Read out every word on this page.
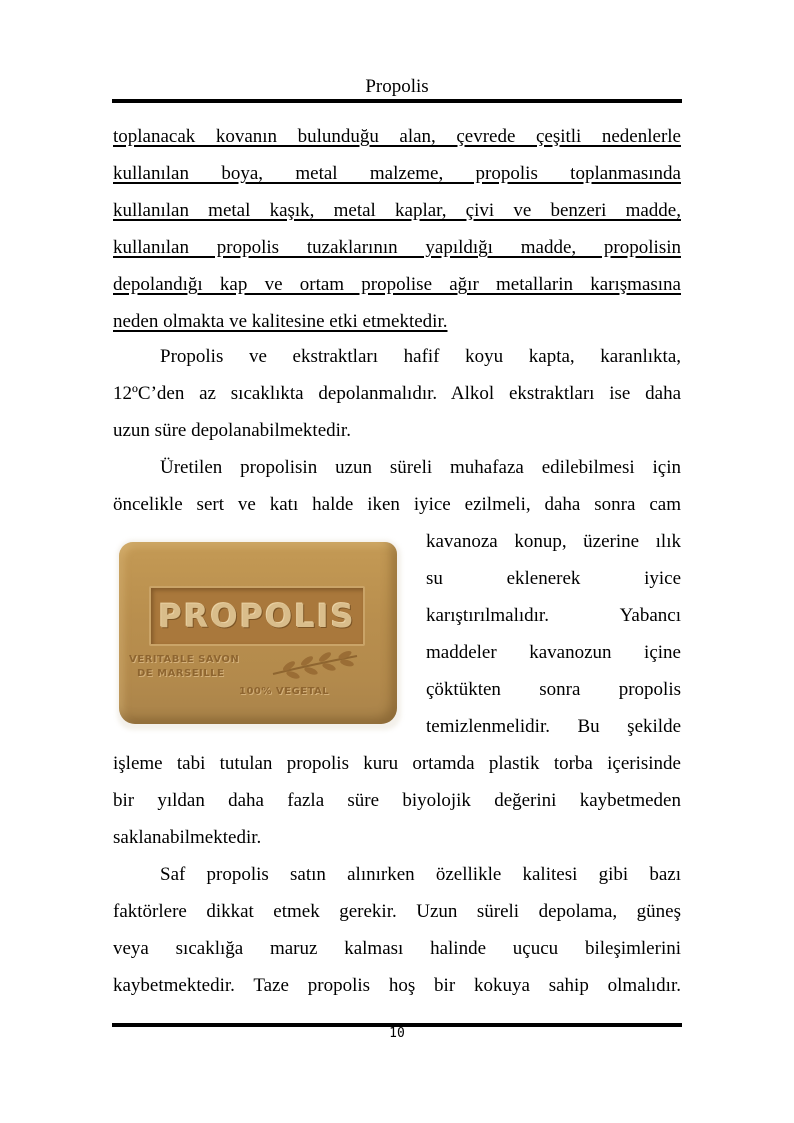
Propolis
toplanacak kovanın bulunduğu alan, çevrede çeşitli nedenlerle
kullanılan boya, metal malzeme, propolis toplanmasında
kullanılan metal kaşık, metal kaplar, çivi ve benzeri madde,
kullanılan propolis tuzaklarının yapıldığı madde, propolisin
depolandığı kap ve ortam propolise ağır metallarin karışmasına
neden olmakta ve kalitesine etki etmektedir.
Propolis ve ekstraktları hafif koyu kapta, karanlıkta,
12ºC’den az sıcaklıkta depolanmalıdır. Alkol ekstraktları ise daha
uzun süre depolanabilmektedir.
Üretilen propolisin uzun süreli muhafaza edilebilmesi için
öncelikle sert ve katı halde iken iyice ezilmeli, daha sonra cam
kavanoza konup, üzerine ılık
su eklenerek iyice
karıştırılmalıdır. Yabancı
maddeler kavanozun içine
çöktükten sonra propolis
temizlenmelidir. Bu şekilde
işleme tabi tutulan propolis kuru ortamda plastik torba içerisinde
bir yıldan daha fazla süre biyolojik değerini kaybetmeden
saklanabilmektedir.
Saf propolis satın alınırken özellikle kalitesi gibi bazı
faktörlere dikkat etmek gerekir. Uzun süreli depolama, güneş
veya sıcaklığa maruz kalması halinde uçucu bileşimlerini
kaybetmektedir. Taze propolis hoş bir kokuya sahip olmalıdır.
PROPOLIS
VERITABLE SAVON
DE MARSEILLE
100% VEGETAL
10
